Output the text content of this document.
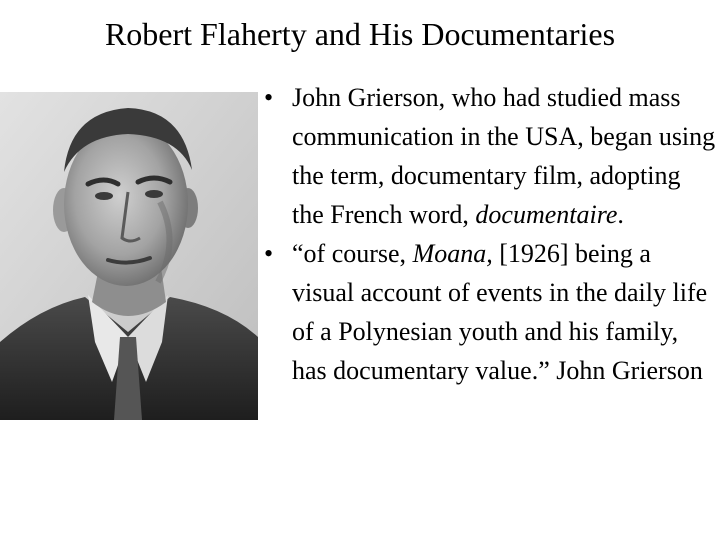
Robert Flaherty and His Documentaries
• John Grierson, who had studied mass communication in the USA, began using the term, documentary film, adopting the French word, documentaire.
• “of course, Moana, [1926] being a visual account of events in the daily life of a Polynesian youth and his family, has documentary value.” John Grierson
